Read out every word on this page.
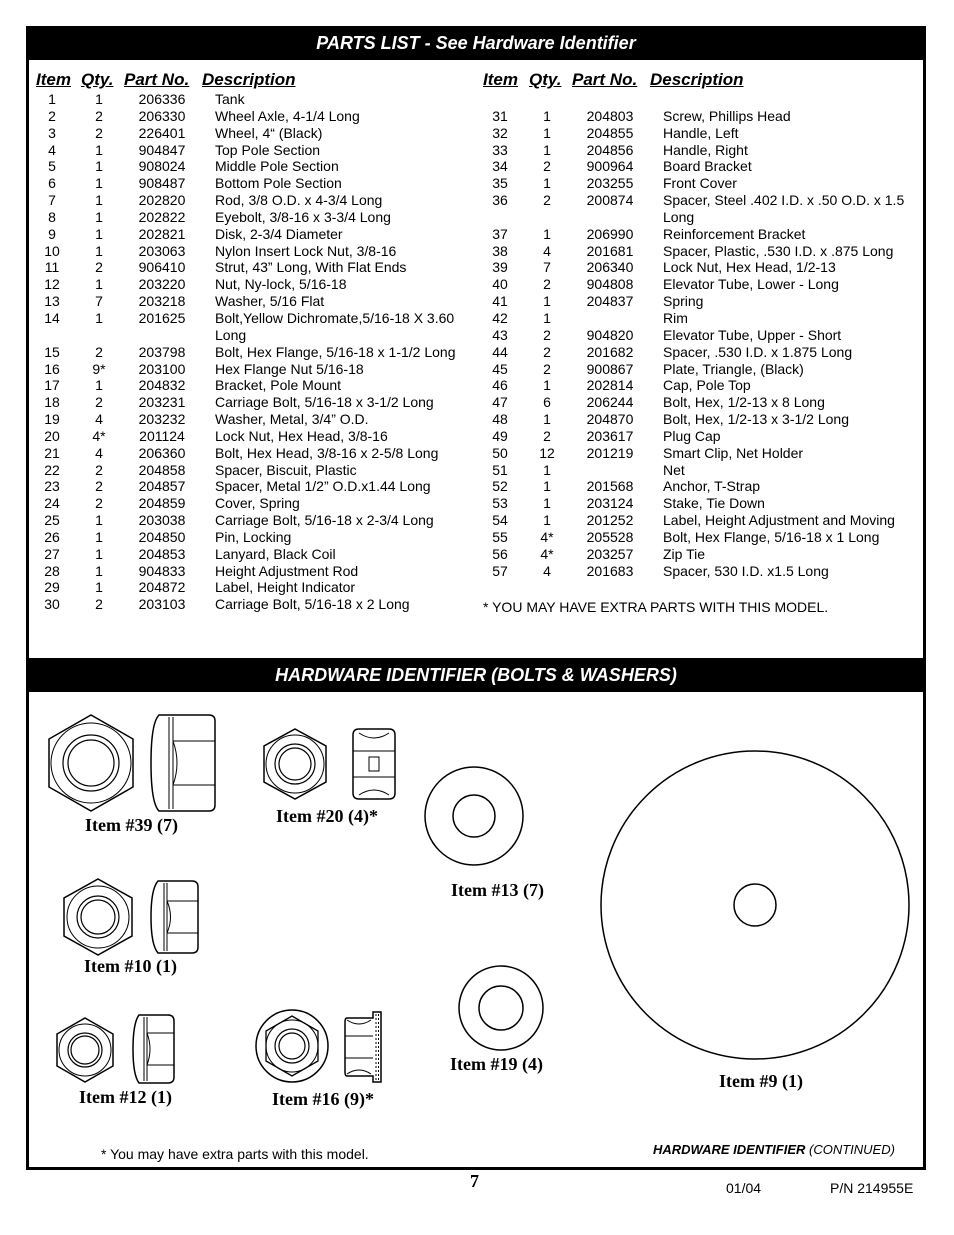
PARTS LIST - See Hardware Identifier
Item Qty. Part No. Description	Item Qty. Part No. Description
1	1	206336	Tank
2	2	206330	Wheel Axle, 4-1/4 Long
3	2	226401	Wheel, 4“ (Black)
4	1	904847	Top Pole Section
5	1	908024	Middle Pole Section
6	1	908487	Bottom Pole Section
7	1	202820	Rod, 3/8 O.D. x 4-3/4 Long
8	1	202822	Eyebolt, 3/8-16 x 3-3/4 Long
9	1	202821	Disk, 2-3/4 Diameter
10	1	203063	Nylon Insert Lock Nut, 3/8-16
11	2	906410	Strut, 43” Long, With Flat Ends
12	1	203220	Nut, Ny-lock, 5/16-18
13	7	203218	Washer, 5/16 Flat
14	1	201625	Bolt,Yellow Dichromate,5/16-18 X 3.60
Long
15	2	203798	Bolt, Hex Flange, 5/16-18 x 1-1/2 Long
16	9*	203100	Hex Flange Nut 5/16-18
17	1	204832	Bracket, Pole Mount
18	2	203231	Carriage Bolt, 5/16-18 x 3-1/2 Long
19	4	203232	Washer, Metal, 3/4” O.D.
20	4*	201124	Lock Nut, Hex Head, 3/8-16
21	4	206360	Bolt, Hex Head, 3/8-16 x 2-5/8 Long
22	2	204858	Spacer, Biscuit, Plastic
23	2	204857	Spacer, Metal 1/2” O.D.x1.44 Long
24	2	204859	Cover, Spring
25	1	203038	Carriage Bolt, 5/16-18 x 2-3/4 Long
26	1	204850	Pin, Locking
27	1	204853	Lanyard, Black Coil
28	1	904833	Height Adjustment Rod
29	1	204872	Label, Height Indicator
30	2	203103	Carriage Bolt, 5/16-18 x 2 Long
31	1	204803	Screw, Phillips Head
32	1	204855	Handle, Left
33	1	204856	Handle, Right
34	2	900964	Board Bracket
35	1	203255	Front Cover
36	2	200874	Spacer, Steel .402 I.D. x .50 O.D. x 1.5
Long
37	1	206990	Reinforcement Bracket
38	4	201681	Spacer, Plastic, .530 I.D. x .875 Long
39	7	206340	Lock Nut, Hex Head, 1/2-13
40	2	904808	Elevator Tube, Lower - Long
41	1	204837	Spring
42	1	Rim
43	2	904820	Elevator Tube, Upper - Short
44	2	201682	Spacer, .530 I.D. x 1.875 Long
45	2	900867	Plate, Triangle, (Black)
46	1	202814	Cap, Pole Top
47	6	206244	Bolt, Hex, 1/2-13 x 8 Long
48	1	204870	Bolt, Hex, 1/2-13 x 3-1/2 Long
49	2	203617	Plug Cap
50	12	201219	Smart Clip, Net Holder
51	1	Net
52	1	201568	Anchor, T-Strap
53	1	203124	Stake, Tie Down
54	1	201252	Label, Height Adjustment and Moving
55	4*	205528	Bolt, Hex Flange, 5/16-18 x 1 Long
56	4*	203257	Zip Tie
57	4	201683	Spacer, 530 I.D. x1.5 Long
* YOU MAY HAVE EXTRA PARTS WITH THIS MODEL.
HARDWARE IDENTIFIER (BOLTS & WASHERS)
Item #39 (7)	Item #20 (4)*
Item #13 (7)
Item #9 (1)
Item #10 (1)
Item #19 (4)
Item #12 (1)	Item #16 (9)*
* You may have extra parts with this model.	HARDWARE IDENTIFIER (CONTINUED)
7	01/04	P/N 214955E
